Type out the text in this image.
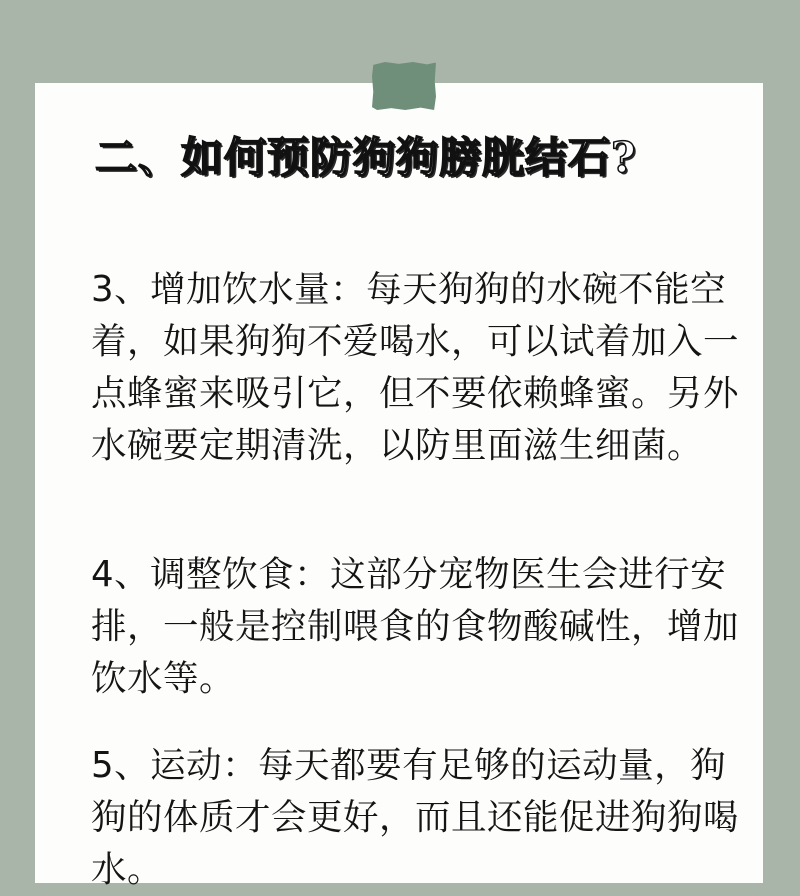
二、如何预防狗狗膀胱结石?

3、增加饮水量：每天狗狗的水碗不能空着，如果狗狗不爱喝水，可以试着加入一点蜂蜜来吸引它，但不要依赖蜂蜜。另外水碗要定期清洗，以防里面滋生细菌。

4、调整饮食：这部分宠物医生会进行安排，一般是控制喂食的食物酸碱性，增加饮水等。

5、运动：每天都要有足够的运动量，狗狗的体质才会更好，而且还能促进狗狗喝水。
